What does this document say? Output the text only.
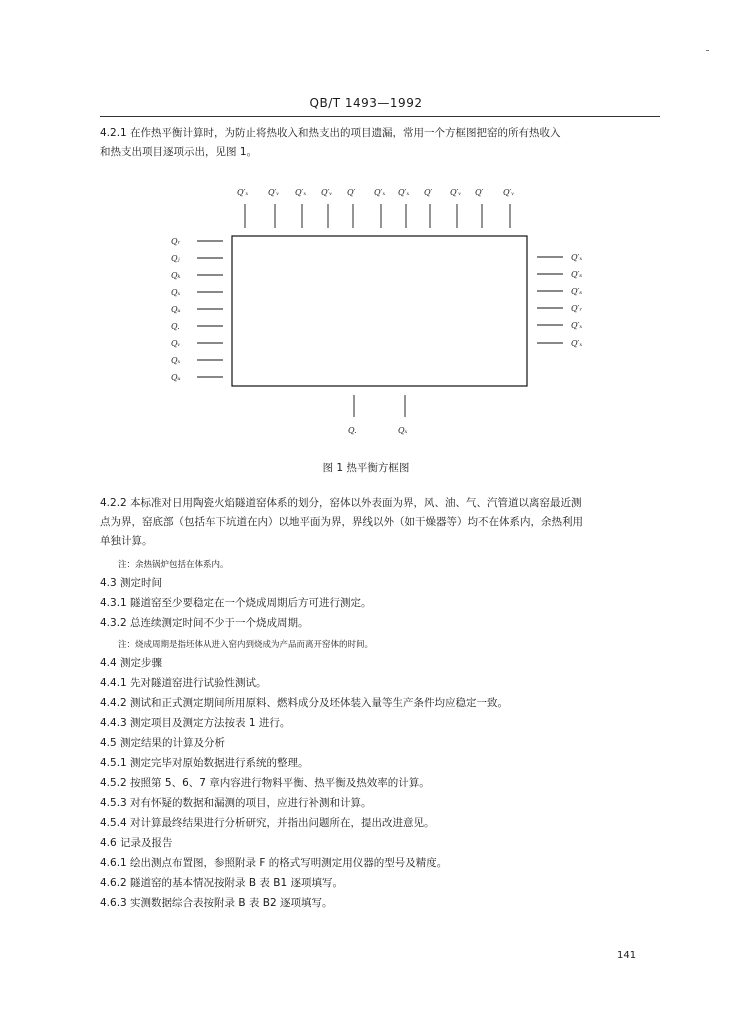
QB/T 1493—1992
4.2.1 在作热平衡计算时，为防止将热收入和热支出的项目遗漏，常用一个方框图把窑的所有热收入
和热支出项目逐项示出，见图 1。
Q′ₓ Q′ᵥ Q′ₓ Q′ᵥ Q′ Q′ₓ Q′ₓ Q′ Q′ᵥ Q′ Q′ᵥ
Qᵣ
Qⱼ
Qₖ
Qₓ
Qᵤ
Q.
Qᵥ
Qₓ
Qᵤ
Q′ₓ
Q′ₛ
Q′ₛ
Q′ᵣ
Q′ₓ
Q′ₓ
Q.	Qₓ
图 1 热平衡方框图
4.2.2 本标准对日用陶瓷火焰隧道窑体系的划分，窑体以外表面为界，风、油、气、汽管道以离窑最近测
点为界，窑底部（包括车下坑道在内）以地平面为界，界线以外（如干燥器等）均不在体系内，余热利用
单独计算。
注：余热锅炉包括在体系内。
4.3 测定时间
4.3.1 隧道窑至少要稳定在一个烧成周期后方可进行测定。
4.3.2 总连续测定时间不少于一个烧成周期。
注：烧成周期是指坯体从进入窑内到烧成为产品而离开窑体的时间。
4.4 测定步骤
4.4.1 先对隧道窑进行试验性测试。
4.4.2 测试和正式测定期间所用原料、燃料成分及坯体装入量等生产条件均应稳定一致。
4.4.3 测定项目及测定方法按表 1 进行。
4.5 测定结果的计算及分析
4.5.1 测定完毕对原始数据进行系统的整理。
4.5.2 按照第 5、6、7 章内容进行物料平衡、热平衡及热效率的计算。
4.5.3 对有怀疑的数据和漏测的项目，应进行补测和计算。
4.5.4 对计算最终结果进行分析研究，并指出问题所在，提出改进意见。
4.6 记录及报告
4.6.1 绘出测点布置图，参照附录 F 的格式写明测定用仪器的型号及精度。
4.6.2 隧道窑的基本情况按附录 B 表 B1 逐项填写。
4.6.3 实测数据综合表按附录 B 表 B2 逐项填写。
141
